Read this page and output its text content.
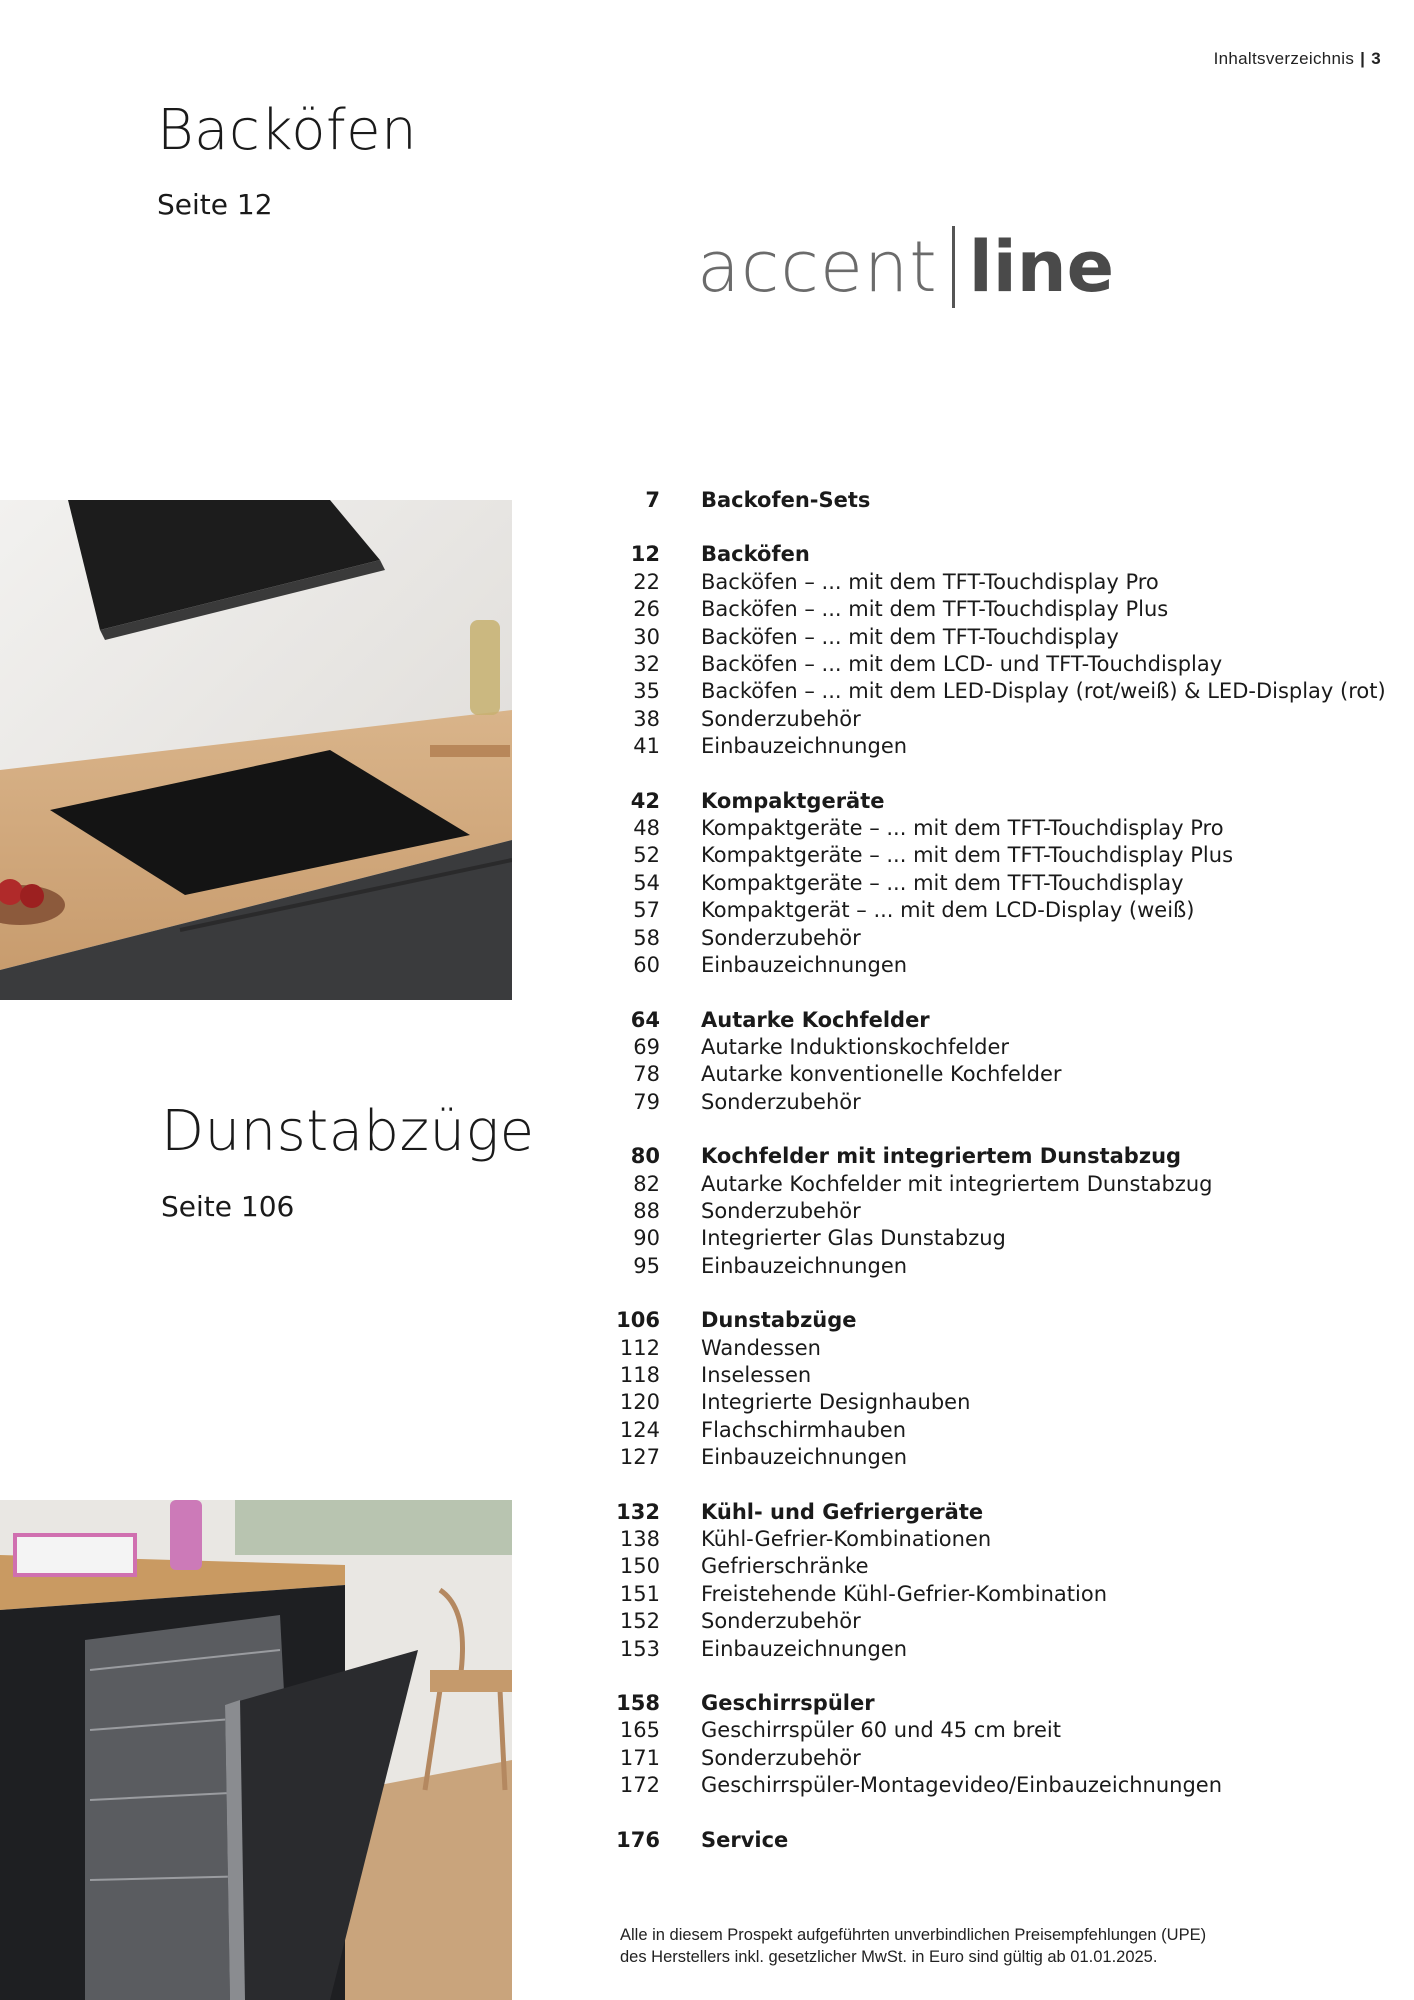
Inhaltsverzeichnis | 3
Backöfen
Seite 12
accent line
Dunstabzüge
Seite 106
7 Backofen-Sets
12 Backöfen
22 Backöfen – ... mit dem TFT-Touchdisplay Pro
26 Backöfen – ... mit dem TFT-Touchdisplay Plus
30 Backöfen – ... mit dem TFT-Touchdisplay
32 Backöfen – ... mit dem LCD- und TFT-Touchdisplay
35 Backöfen – ... mit dem LED-Display (rot/weiß) & LED-Display (rot)
38 Sonderzubehör
41 Einbauzeichnungen
42 Kompaktgeräte
48 Kompaktgeräte – ... mit dem TFT-Touchdisplay Pro
52 Kompaktgeräte – ... mit dem TFT-Touchdisplay Plus
54 Kompaktgeräte – ... mit dem TFT-Touchdisplay
57 Kompaktgerät – ... mit dem LCD-Display (weiß)
58 Sonderzubehör
60 Einbauzeichnungen
64 Autarke Kochfelder
69 Autarke Induktionskochfelder
78 Autarke konventionelle Kochfelder
79 Sonderzubehör
80 Kochfelder mit integriertem Dunstabzug
82 Autarke Kochfelder mit integriertem Dunstabzug
88 Sonderzubehör
90 Integrierter Glas Dunstabzug
95 Einbauzeichnungen
106 Dunstabzüge
112 Wandessen
118 Inselessen
120 Integrierte Designhauben
124 Flachschirmhauben
127 Einbauzeichnungen
132 Kühl- und Gefriergeräte
138 Kühl-Gefrier-Kombinationen
150 Gefrierschränke
151 Freistehende Kühl-Gefrier-Kombination
152 Sonderzubehör
153 Einbauzeichnungen
158 Geschirrspüler
165 Geschirrspüler 60 und 45 cm breit
171 Sonderzubehör
172 Geschirrspüler-Montagevideo/Einbauzeichnungen
176 Service
Alle in diesem Prospekt aufgeführten unverbindlichen Preisempfehlungen (UPE)
des Herstellers inkl. gesetzlicher MwSt. in Euro sind gültig ab 01.01.2025.
